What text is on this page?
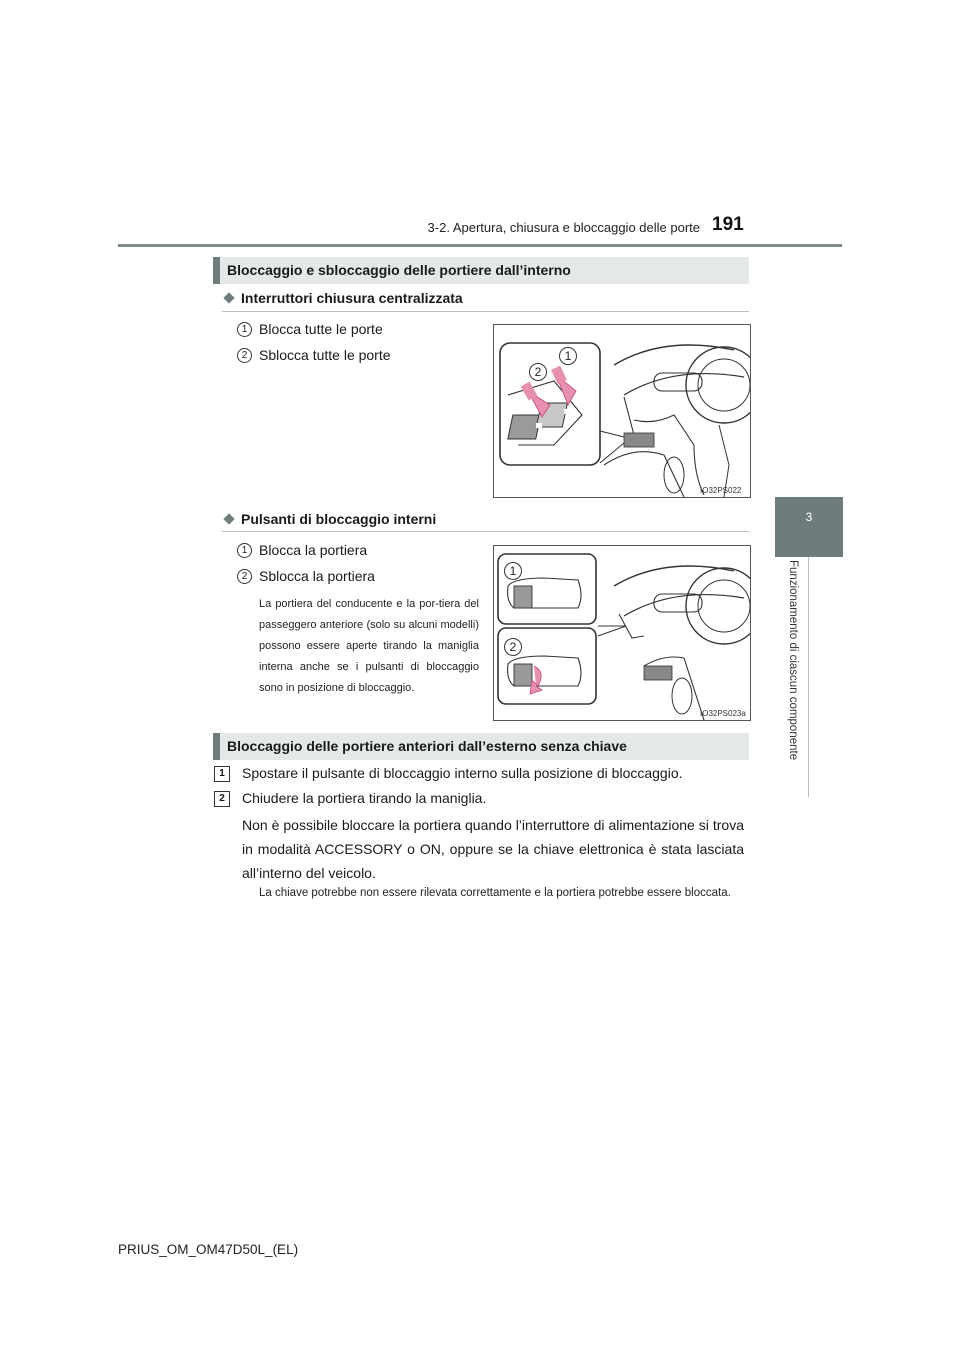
3-2. Apertura, chiusura e bloccaggio delle porte 191
3
Funzionamento di ciascun componente
Bloccaggio e sbloccaggio delle portiere dall’interno
Interruttori chiusura centralizzata
1 Blocca tutte le porte
2 Sblocca tutte le porte
2
1
IO32PS022
Pulsanti di bloccaggio interni
1 Blocca la portiera
2 Sblocca la portiera
La portiera del conducente e la por-tiera del passeggero anteriore (solo su alcuni modelli) possono essere aperte tirando la maniglia interna anche se i pulsanti di bloccaggio sono in posizione di bloccaggio.
1
2
IO32PS023a
Bloccaggio delle portiere anteriori dall’esterno senza chiave
1	Spostare il pulsante di bloccaggio interno sulla posizione di bloccaggio.
2	Chiudere la portiera tirando la maniglia.
Non è possibile bloccare la portiera quando l’interruttore di alimentazione si trova in modalità ACCESSORY o ON, oppure se la chiave elettronica è stata lasciata all’interno del veicolo.
La chiave potrebbe non essere rilevata correttamente e la portiera potrebbe essere bloccata.
PRIUS_OM_OM47D50L_(EL)
